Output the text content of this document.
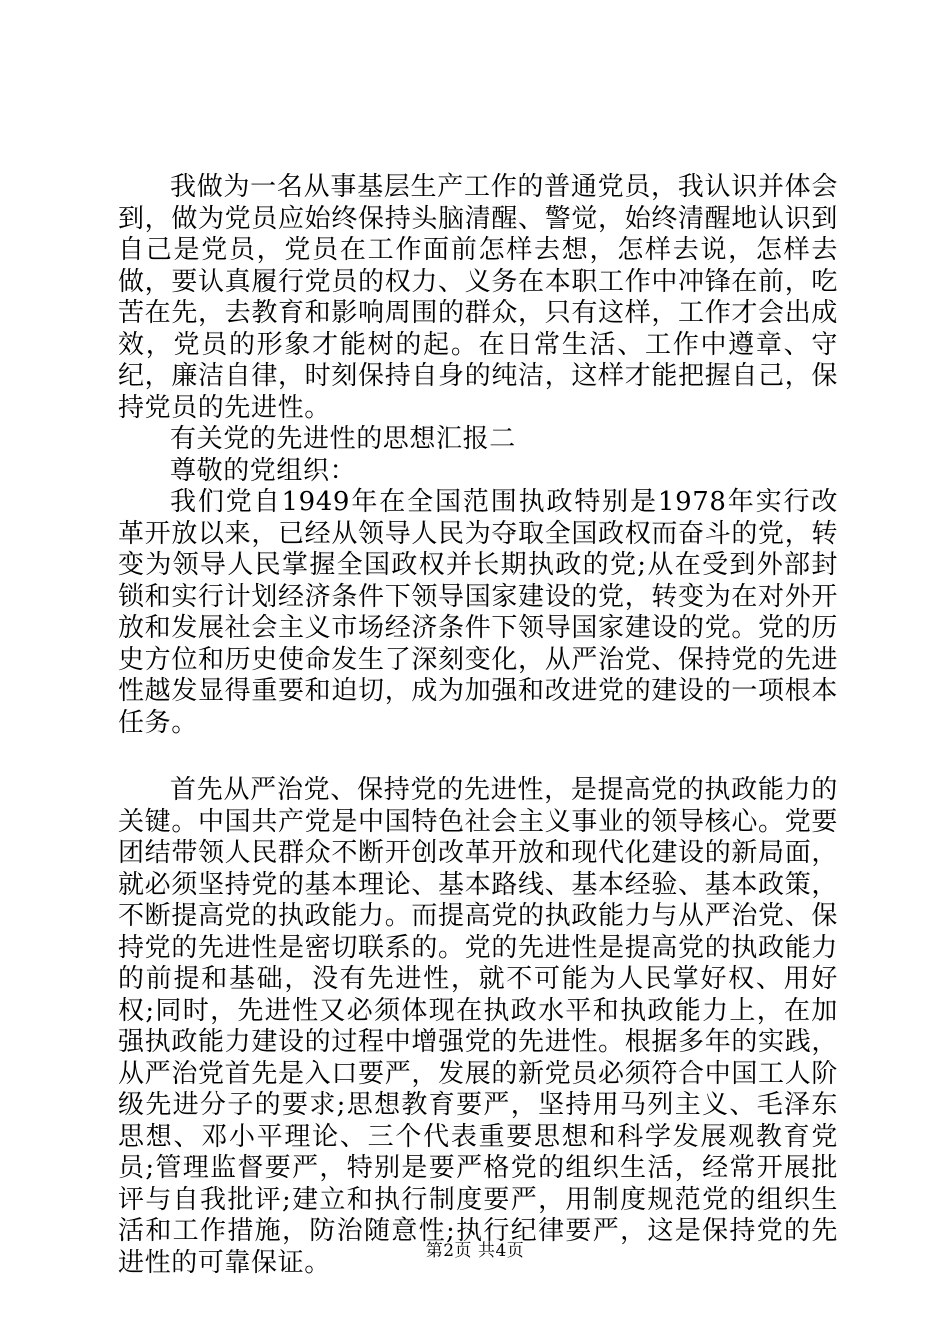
我做为一名从事基层生产工作的普通党员，我认识并体会到，做为党员应始终保持头脑清醒、警觉，始终清醒地认识到自己是党员，党员在工作面前怎样去想，怎样去说，怎样去做，要认真履行党员的权力、义务在本职工作中冲锋在前，吃苦在先，去教育和影响周围的群众，只有这样，工作才会出成效，党员的形象才能树的起。在日常生活、工作中遵章、守纪，廉洁自律，时刻保持自身的纯洁，这样才能把握自己，保持党员的先进性。

有关党的先进性的思想汇报二

尊敬的党组织：

我们党自1949年在全国范围执政特别是1978年实行改革开放以来，已经从领导人民为夺取全国政权而奋斗的党，转变为领导人民掌握全国政权并长期执政的党;从在受到外部封锁和实行计划经济条件下领导国家建设的党，转变为在对外开放和发展社会主义市场经济条件下领导国家建设的党。党的历史方位和历史使命发生了深刻变化，从严治党、保持党的先进性越发显得重要和迫切，成为加强和改进党的建设的一项根本任务。

首先从严治党、保持党的先进性，是提高党的执政能力的关键。中国共产党是中国特色社会主义事业的领导核心。党要团结带领人民群众不断开创改革开放和现代化建设的新局面，就必须坚持党的基本理论、基本路线、基本经验、基本政策，不断提高党的执政能力。而提高党的执政能力与从严治党、保持党的先进性是密切联系的。党的先进性是提高党的执政能力的前提和基础，没有先进性，就不可能为人民掌好权、用好权;同时，先进性又必须体现在执政水平和执政能力上，在加强执政能力建设的过程中增强党的先进性。根据多年的实践，从严治党首先是入口要严，发展的新党员必须符合中国工人阶级先进分子的要求;思想教育要严，坚持用马列主义、毛泽东思想、邓小平理论、三个代表重要思想和科学发展观教育党员;管理监督要严，特别是要严格党的组织生活，经常开展批评与自我批评;建立和执行制度要严，用制度规范党的组织生活和工作措施，防治随意性;执行纪律要严，这是保持党的先进性的可靠保证。	第2页 共4页
